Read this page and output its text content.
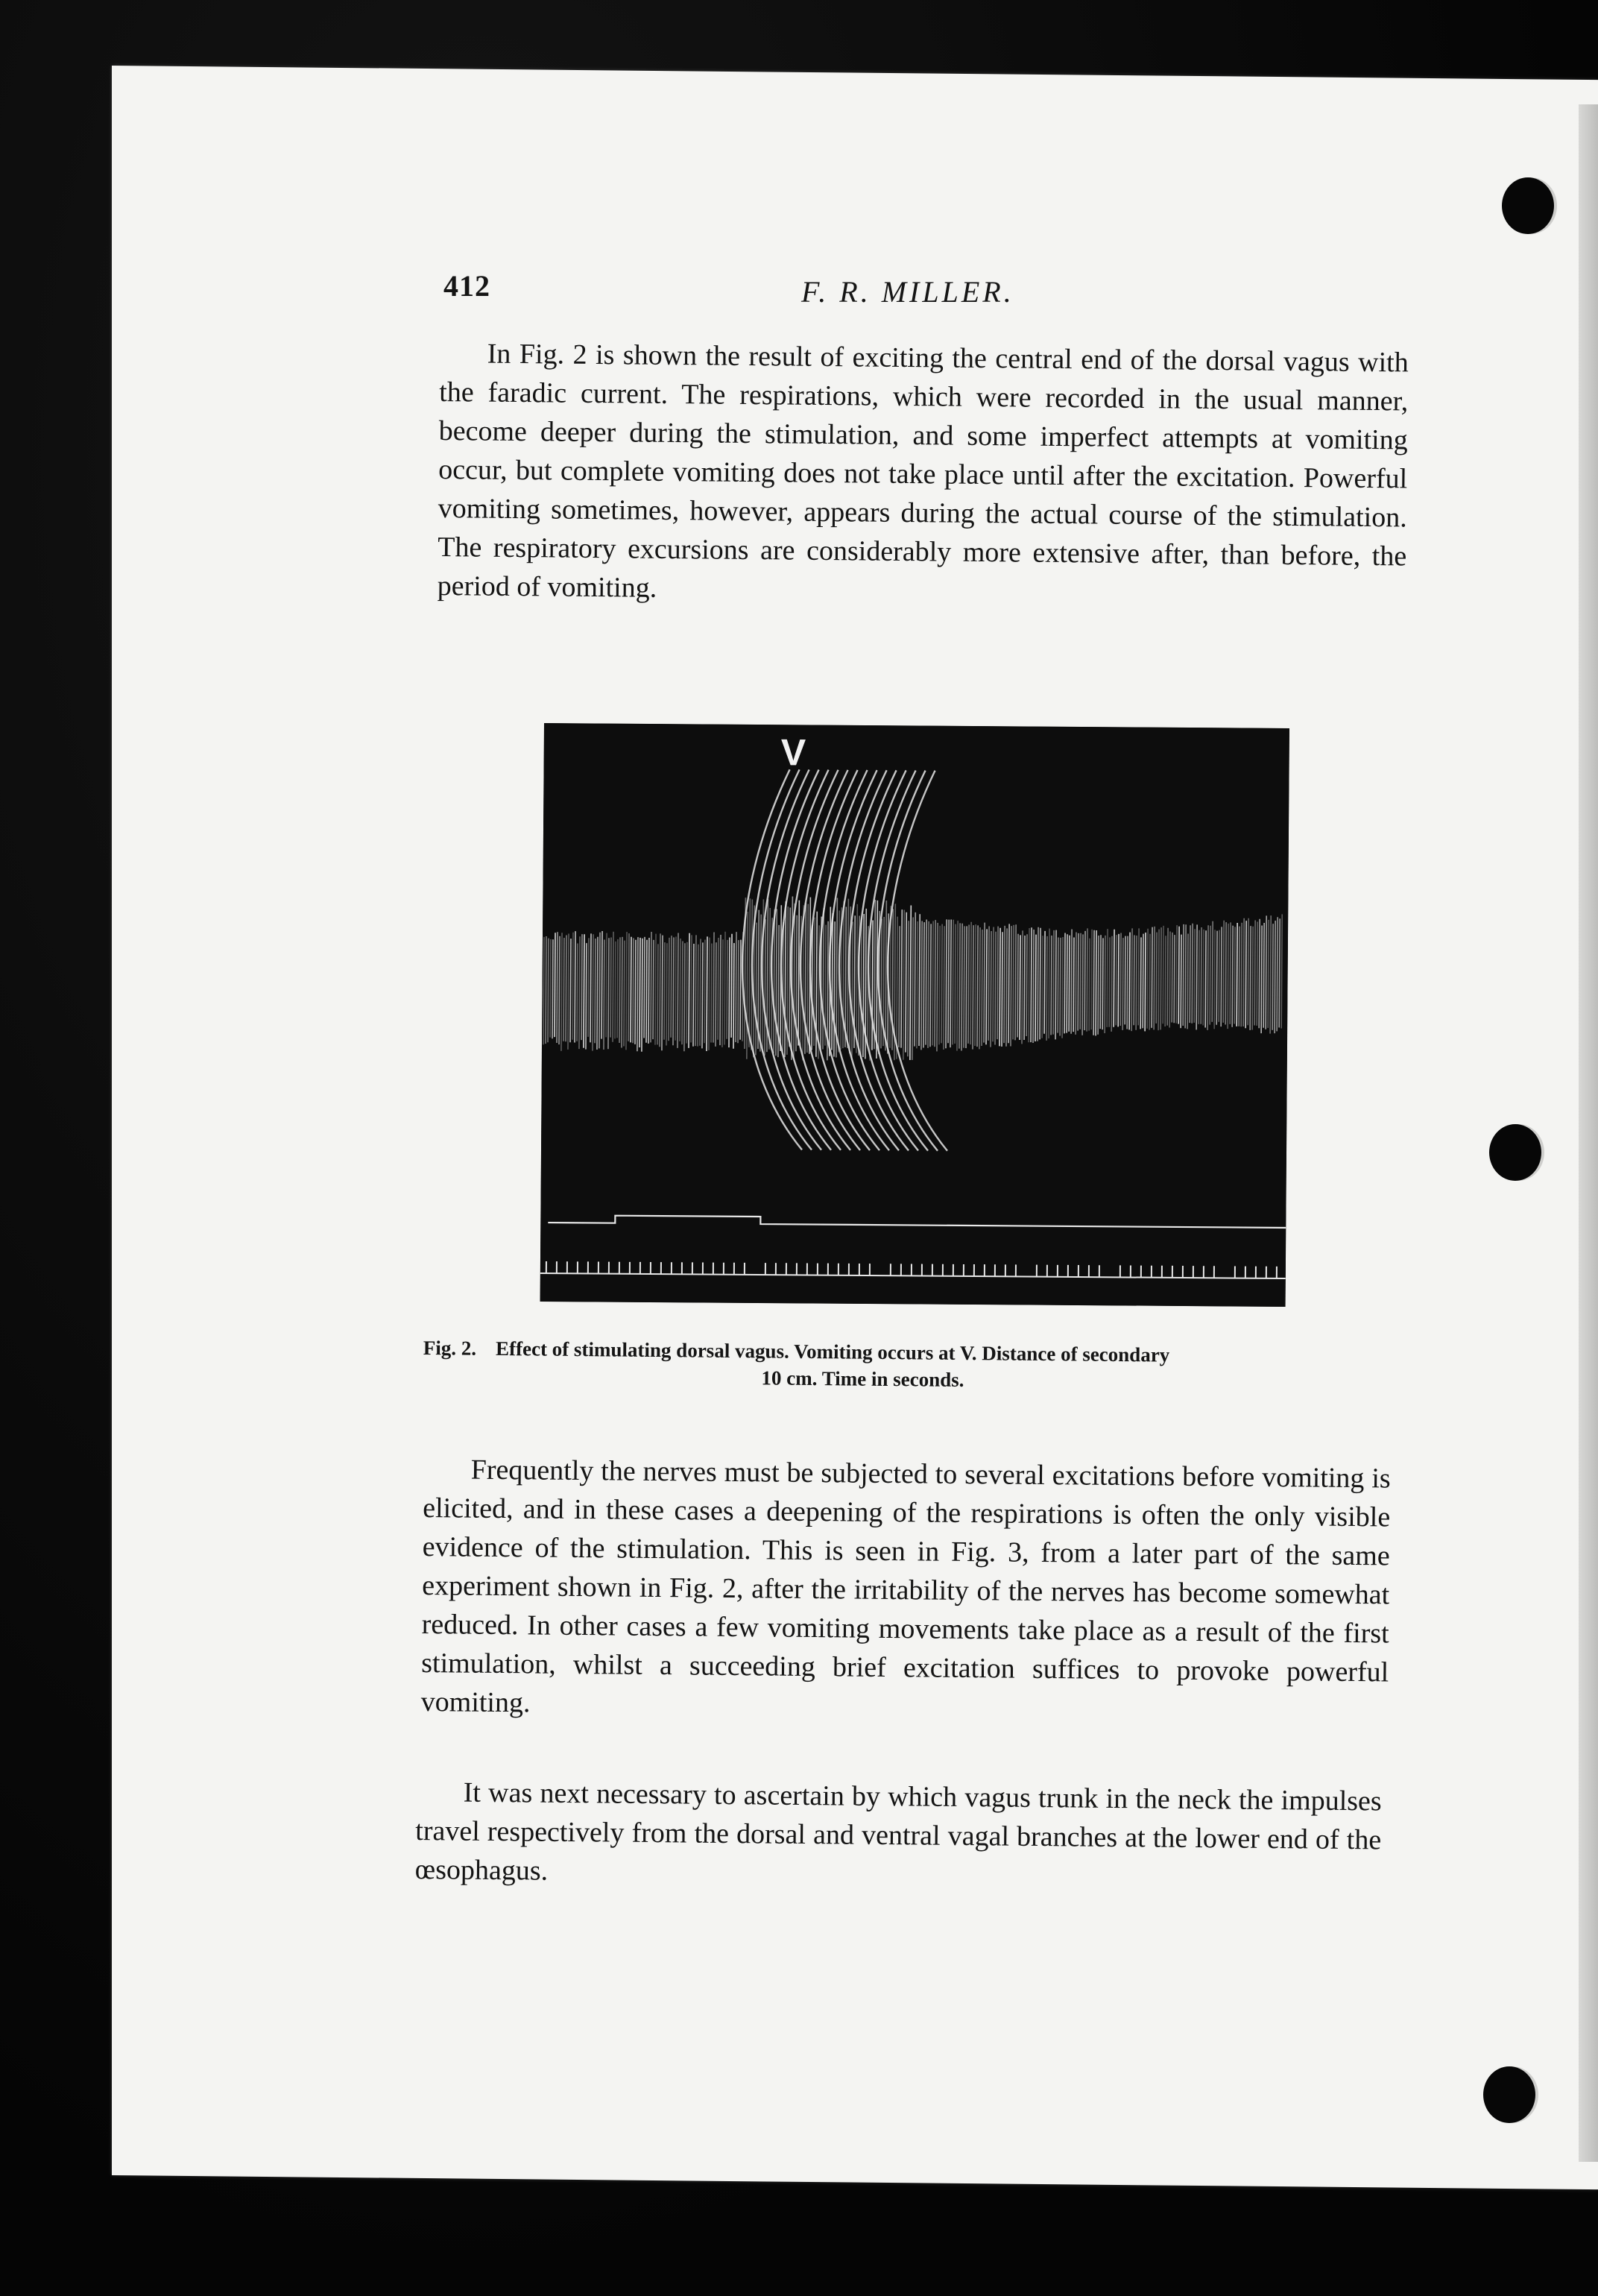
412	F. R. MILLER.

In Fig. 2 is shown the result of exciting the central end of the dorsal vagus with the faradic current. The respirations, which were recorded in the usual manner, become deeper during the stimulation, and some imperfect attempts at vomiting occur, but complete vomiting does not take place until after the excitation. Powerful vomiting sometimes, however, appears during the actual course of the stimulation. The respiratory excursions are considerably more extensive after, than before, the period of vomiting.

V
Fig. 2. Effect of stimulating dorsal vagus. Vomiting occurs at V. Distance of secondary
10 cm. Time in seconds.

Frequently the nerves must be subjected to several excitations before vomiting is elicited, and in these cases a deepening of the respirations is often the only visible evidence of the stimulation. This is seen in Fig. 3, from a later part of the same experiment shown in Fig. 2, after the irritability of the nerves has become somewhat reduced. In other cases a few vomiting movements take place as a result of the first stimulation, whilst a succeeding brief excitation suffices to provoke powerful vomiting.

It was next necessary to ascertain by which vagus trunk in the neck the impulses travel respectively from the dorsal and ventral vagal branches at the lower end of the œsophagus.
